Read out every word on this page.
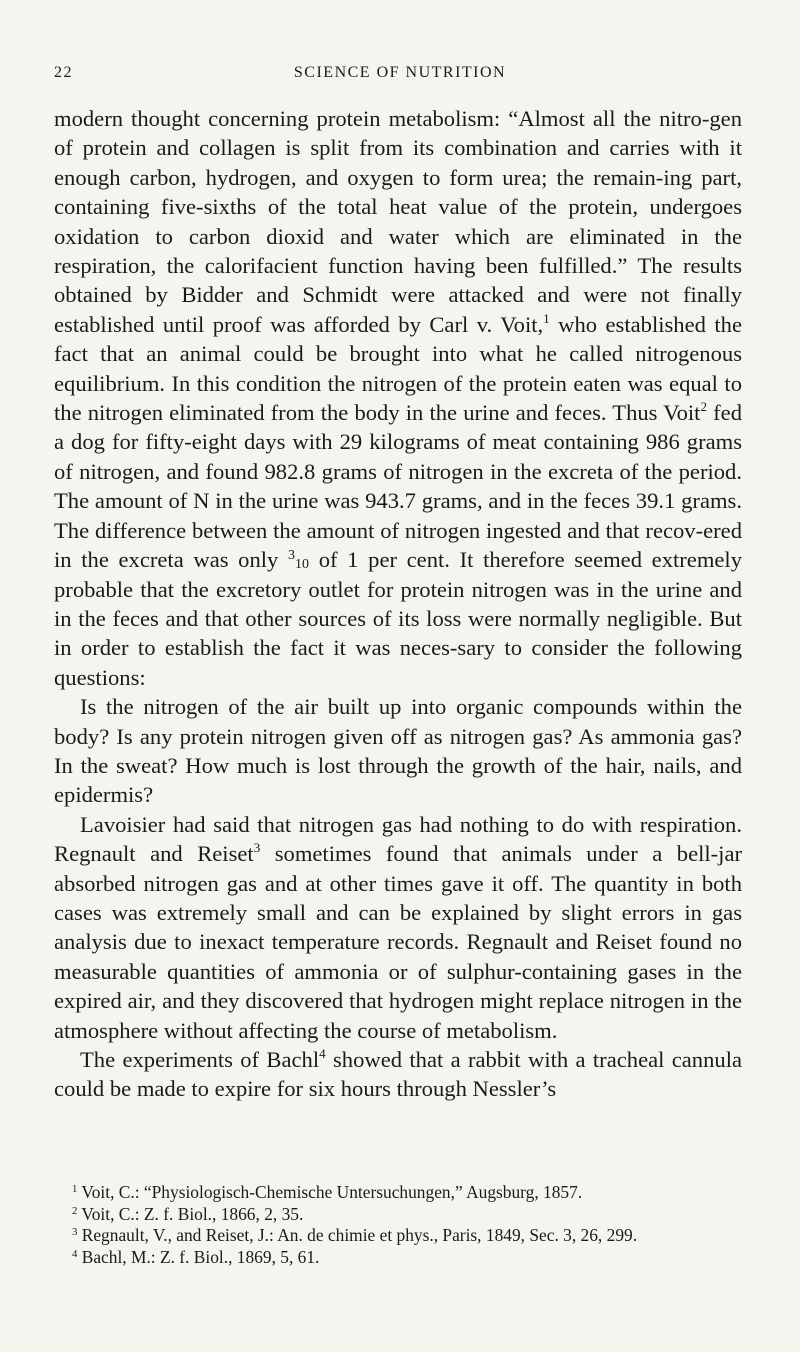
22	SCIENCE OF NUTRITION

modern thought concerning protein metabolism: “Almost all the nitro-gen of protein and collagen is split from its combination and carries with it enough carbon, hydrogen, and oxygen to form urea; the remain-ing part, containing five-sixths of the total heat value of the protein, undergoes oxidation to carbon dioxid and water which are eliminated in the respiration, the calorifacient function having been fulfilled.” The results obtained by Bidder and Schmidt were attacked and were not finally established until proof was afforded by Carl v. Voit,$^1$ who established the fact that an animal could be brought into what he called nitrogenous equilibrium. In this condition the nitrogen of the protein eaten was equal to the nitrogen eliminated from the body in the urine and feces. Thus Voit$^2$ fed a dog for fifty-eight days with 29 kilograms of meat containing 986 grams of nitrogen, and found 982.8 grams of nitrogen in the excreta of the period. The amount of N in the urine was 943.7 grams, and in the feces 39.1 grams. The difference between the amount of nitrogen ingested and that recov-ered in the excreta was only 310 of 1 per cent. It therefore seemed extremely probable that the excretory outlet for protein nitrogen was in the urine and in the feces and that other sources of its loss were normally negligible. But in order to establish the fact it was neces-sary to consider the following questions:

Is the nitrogen of the air built up into organic compounds within the body? Is any protein nitrogen given off as nitrogen gas? As ammonia gas? In the sweat? How much is lost through the growth of the hair, nails, and epidermis?

Lavoisier had said that nitrogen gas had nothing to do with respiration. Regnault and Reiset$^3$ sometimes found that animals under a bell-jar absorbed nitrogen gas and at other times gave it off. The quantity in both cases was extremely small and can be explained by slight errors in gas analysis due to inexact temperature records. Regnault and Reiset found no measurable quantities of ammonia or of sulphur-containing gases in the expired air, and they discovered that hydrogen might replace nitrogen in the atmosphere without affecting the course of metabolism.

The experiments of Bachl$^4$ showed that a rabbit with a tracheal cannula could be made to expire for six hours through Nessler’s

$^1$ Voit, C.: “Physiologisch-Chemische Untersuchungen,” Augsburg, 1857.
$^2$ Voit, C.: Z. f. Biol., 1866, 2, 35.
$^3$ Regnault, V., and Reiset, J.: An. de chimie et phys., Paris, 1849, Sec. 3, 26, 299.
$^4$ Bachl, M.: Z. f. Biol., 1869, 5, 61.
